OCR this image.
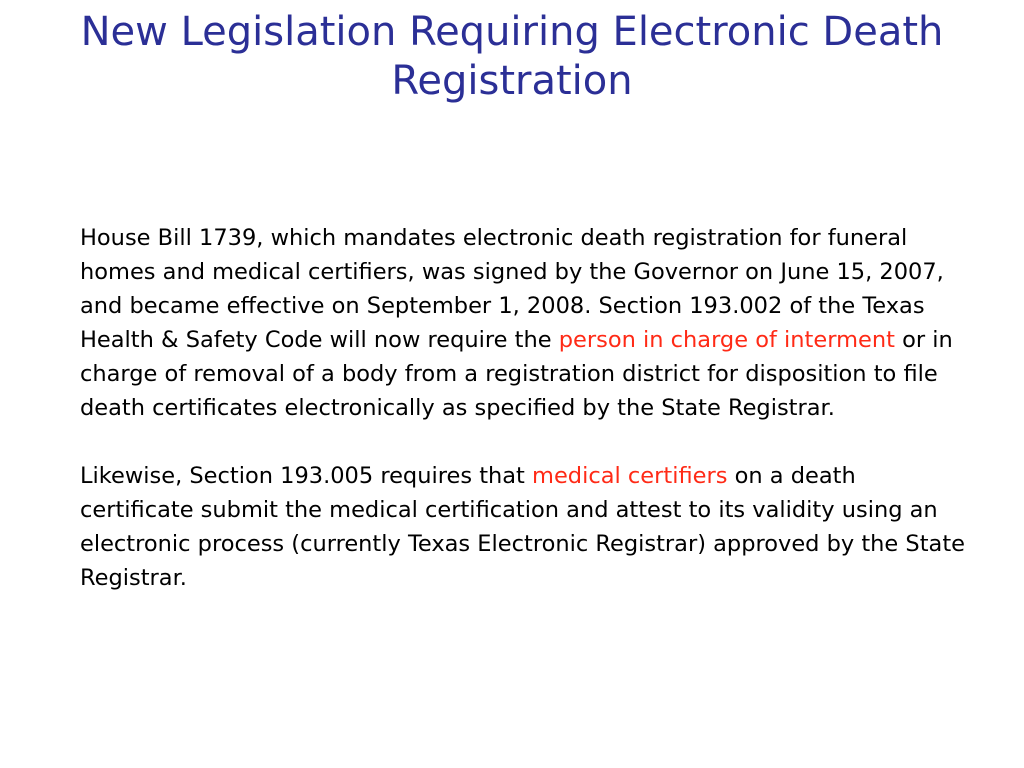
New Legislation Requiring Electronic Death Registration

House Bill 1739, which mandates electronic death registration for funeral homes and medical certifiers, was signed by the Governor on June 15, 2007, and became effective on September 1, 2008. Section 193.002 of the Texas Health & Safety Code will now require the person in charge of interment or in charge of removal of a body from a registration district for disposition to file death certificates electronically as specified by the State Registrar.

Likewise, Section 193.005 requires that medical certifiers on a death certificate submit the medical certification and attest to its validity using an electronic process (currently Texas Electronic Registrar) approved by the State Registrar.
